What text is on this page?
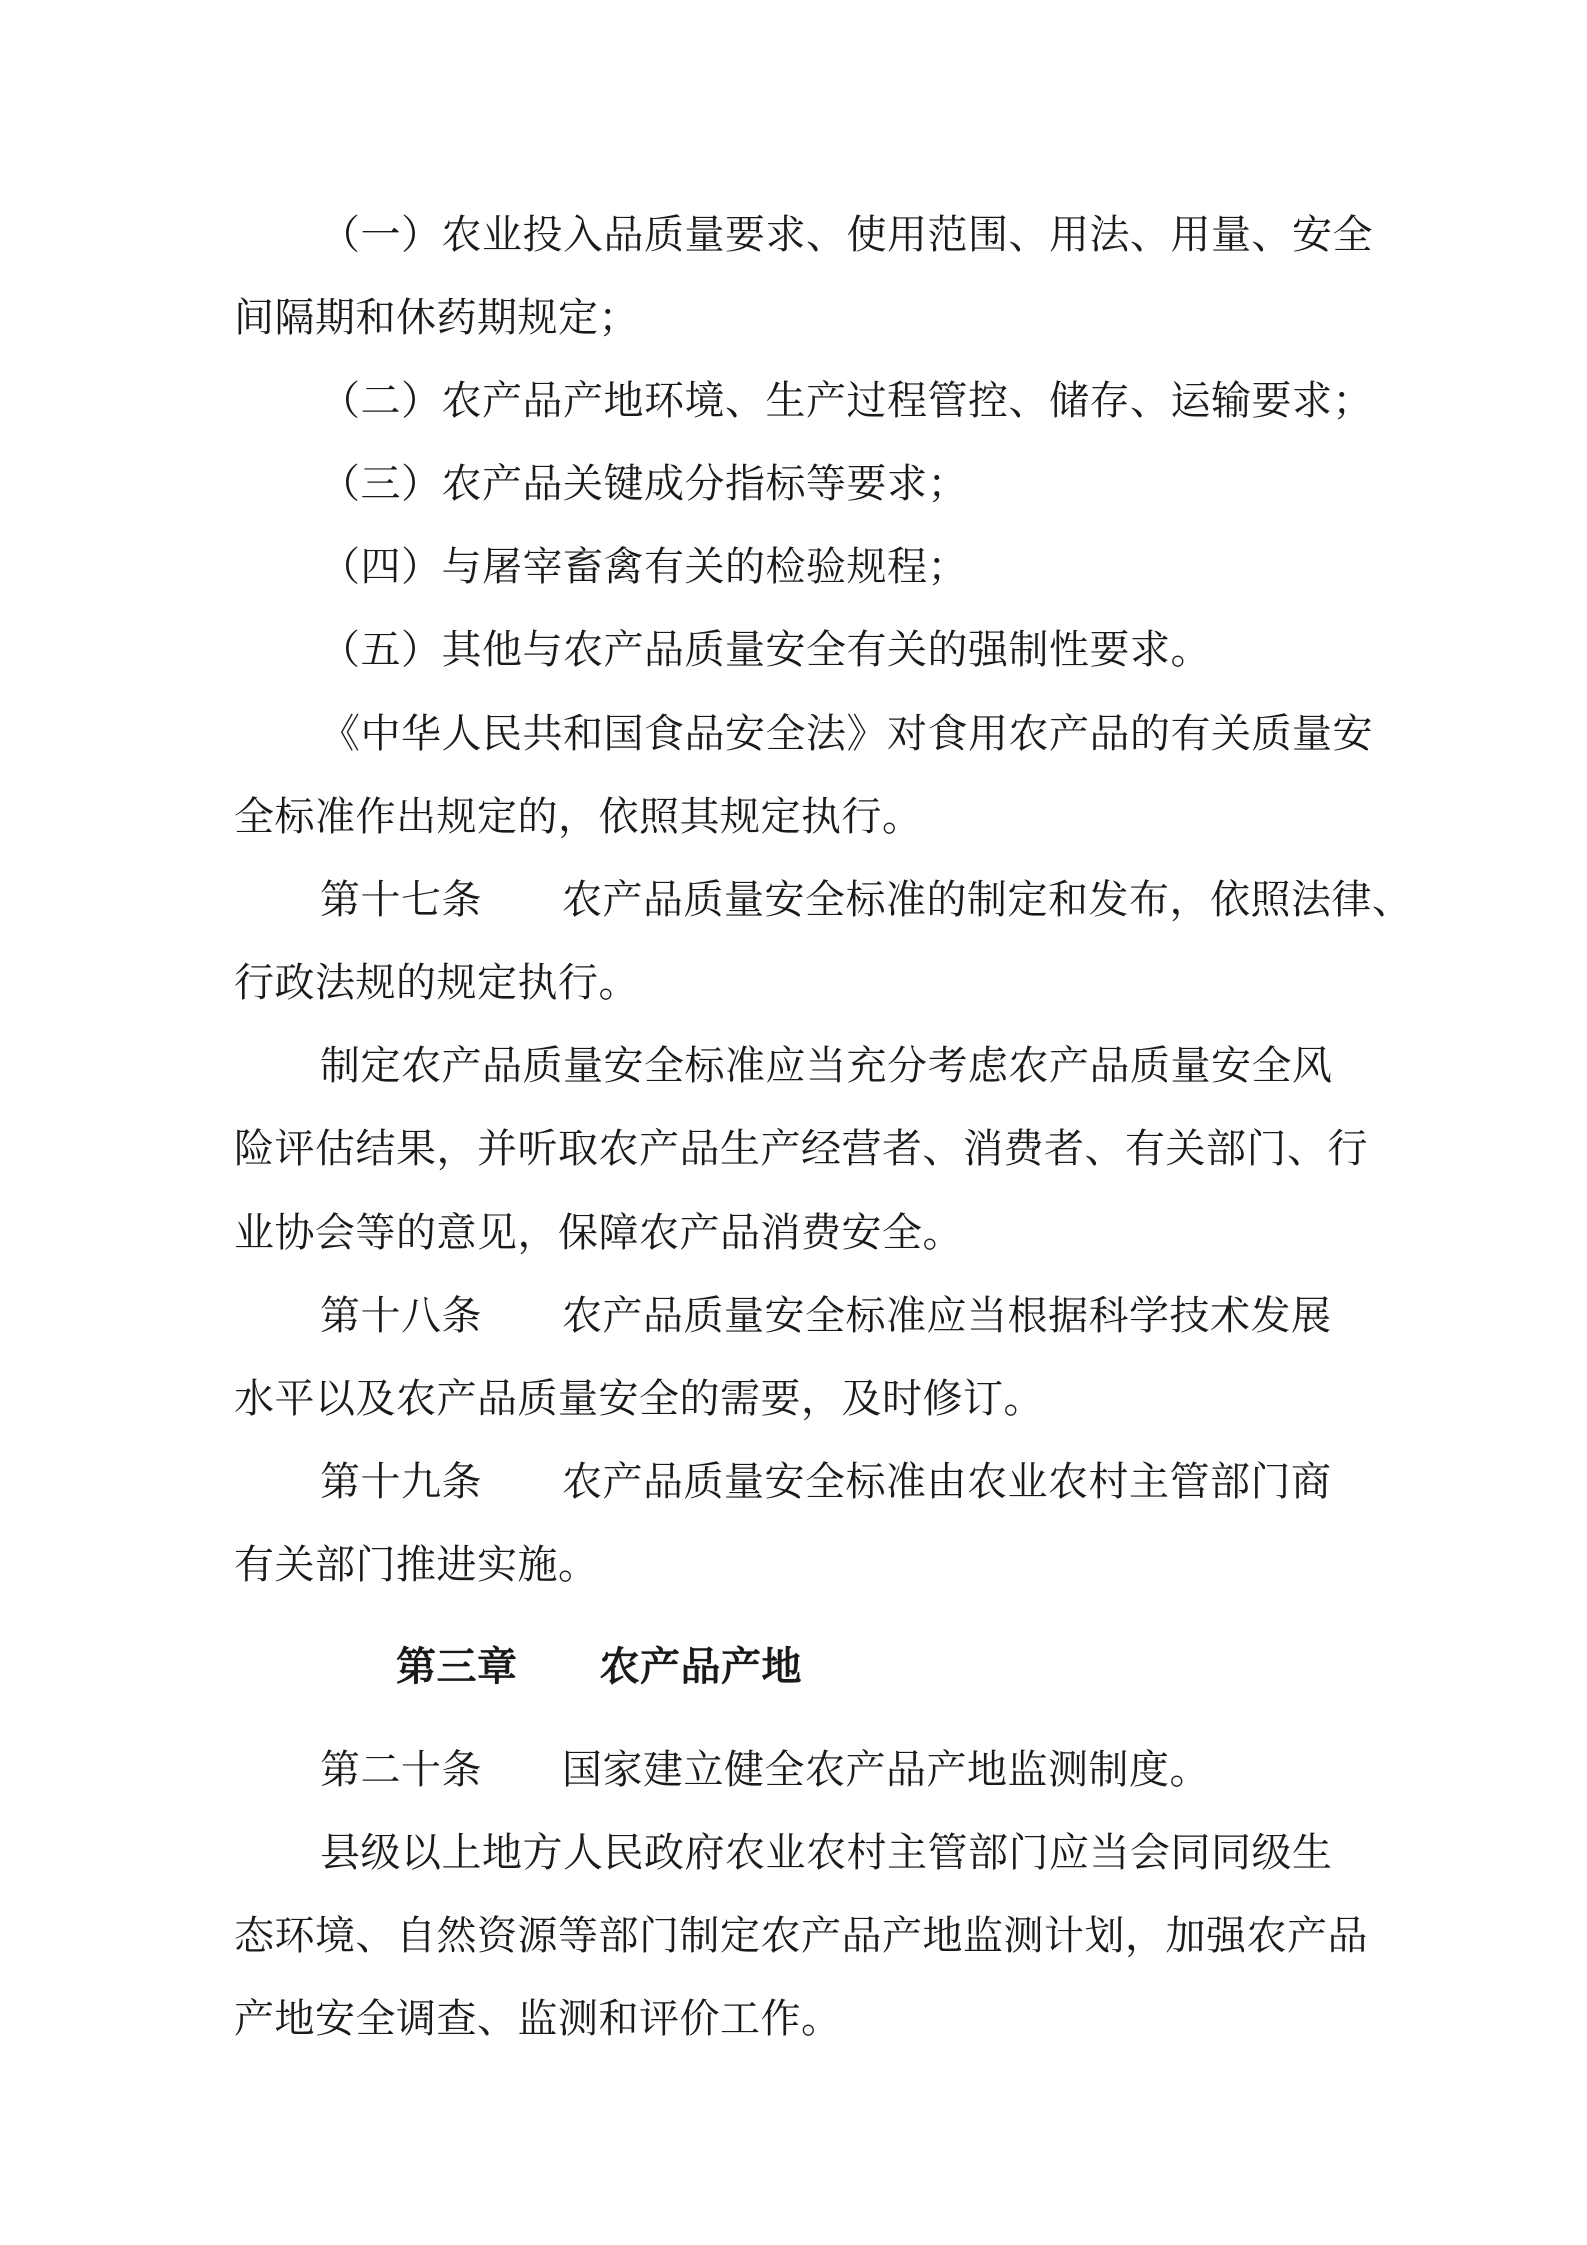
（一）农业投入品质量要求、使用范围、用法、用量、安全
间隔期和休药期规定；
（二）农产品产地环境、生产过程管控、储存、运输要求；
（三）农产品关键成分指标等要求；
（四）与屠宰畜禽有关的检验规程；
（五）其他与农产品质量安全有关的强制性要求。
《中华人民共和国食品安全法》对食用农产品的有关质量安
全标准作出规定的，依照其规定执行。
第十七条 农产品质量安全标准的制定和发布，依照法律、
行政法规的规定执行。
制定农产品质量安全标准应当充分考虑农产品质量安全风
险评估结果，并听取农产品生产经营者、消费者、有关部门、行
业协会等的意见，保障农产品消费安全。
第十八条 农产品质量安全标准应当根据科学技术发展
水平以及农产品质量安全的需要，及时修订。
第十九条 农产品质量安全标准由农业农村主管部门商
有关部门推进实施。
第三章 农产品产地
第二十条 国家建立健全农产品产地监测制度。
县级以上地方人民政府农业农村主管部门应当会同同级生
态环境、自然资源等部门制定农产品产地监测计划，加强农产品
产地安全调查、监测和评价工作。
